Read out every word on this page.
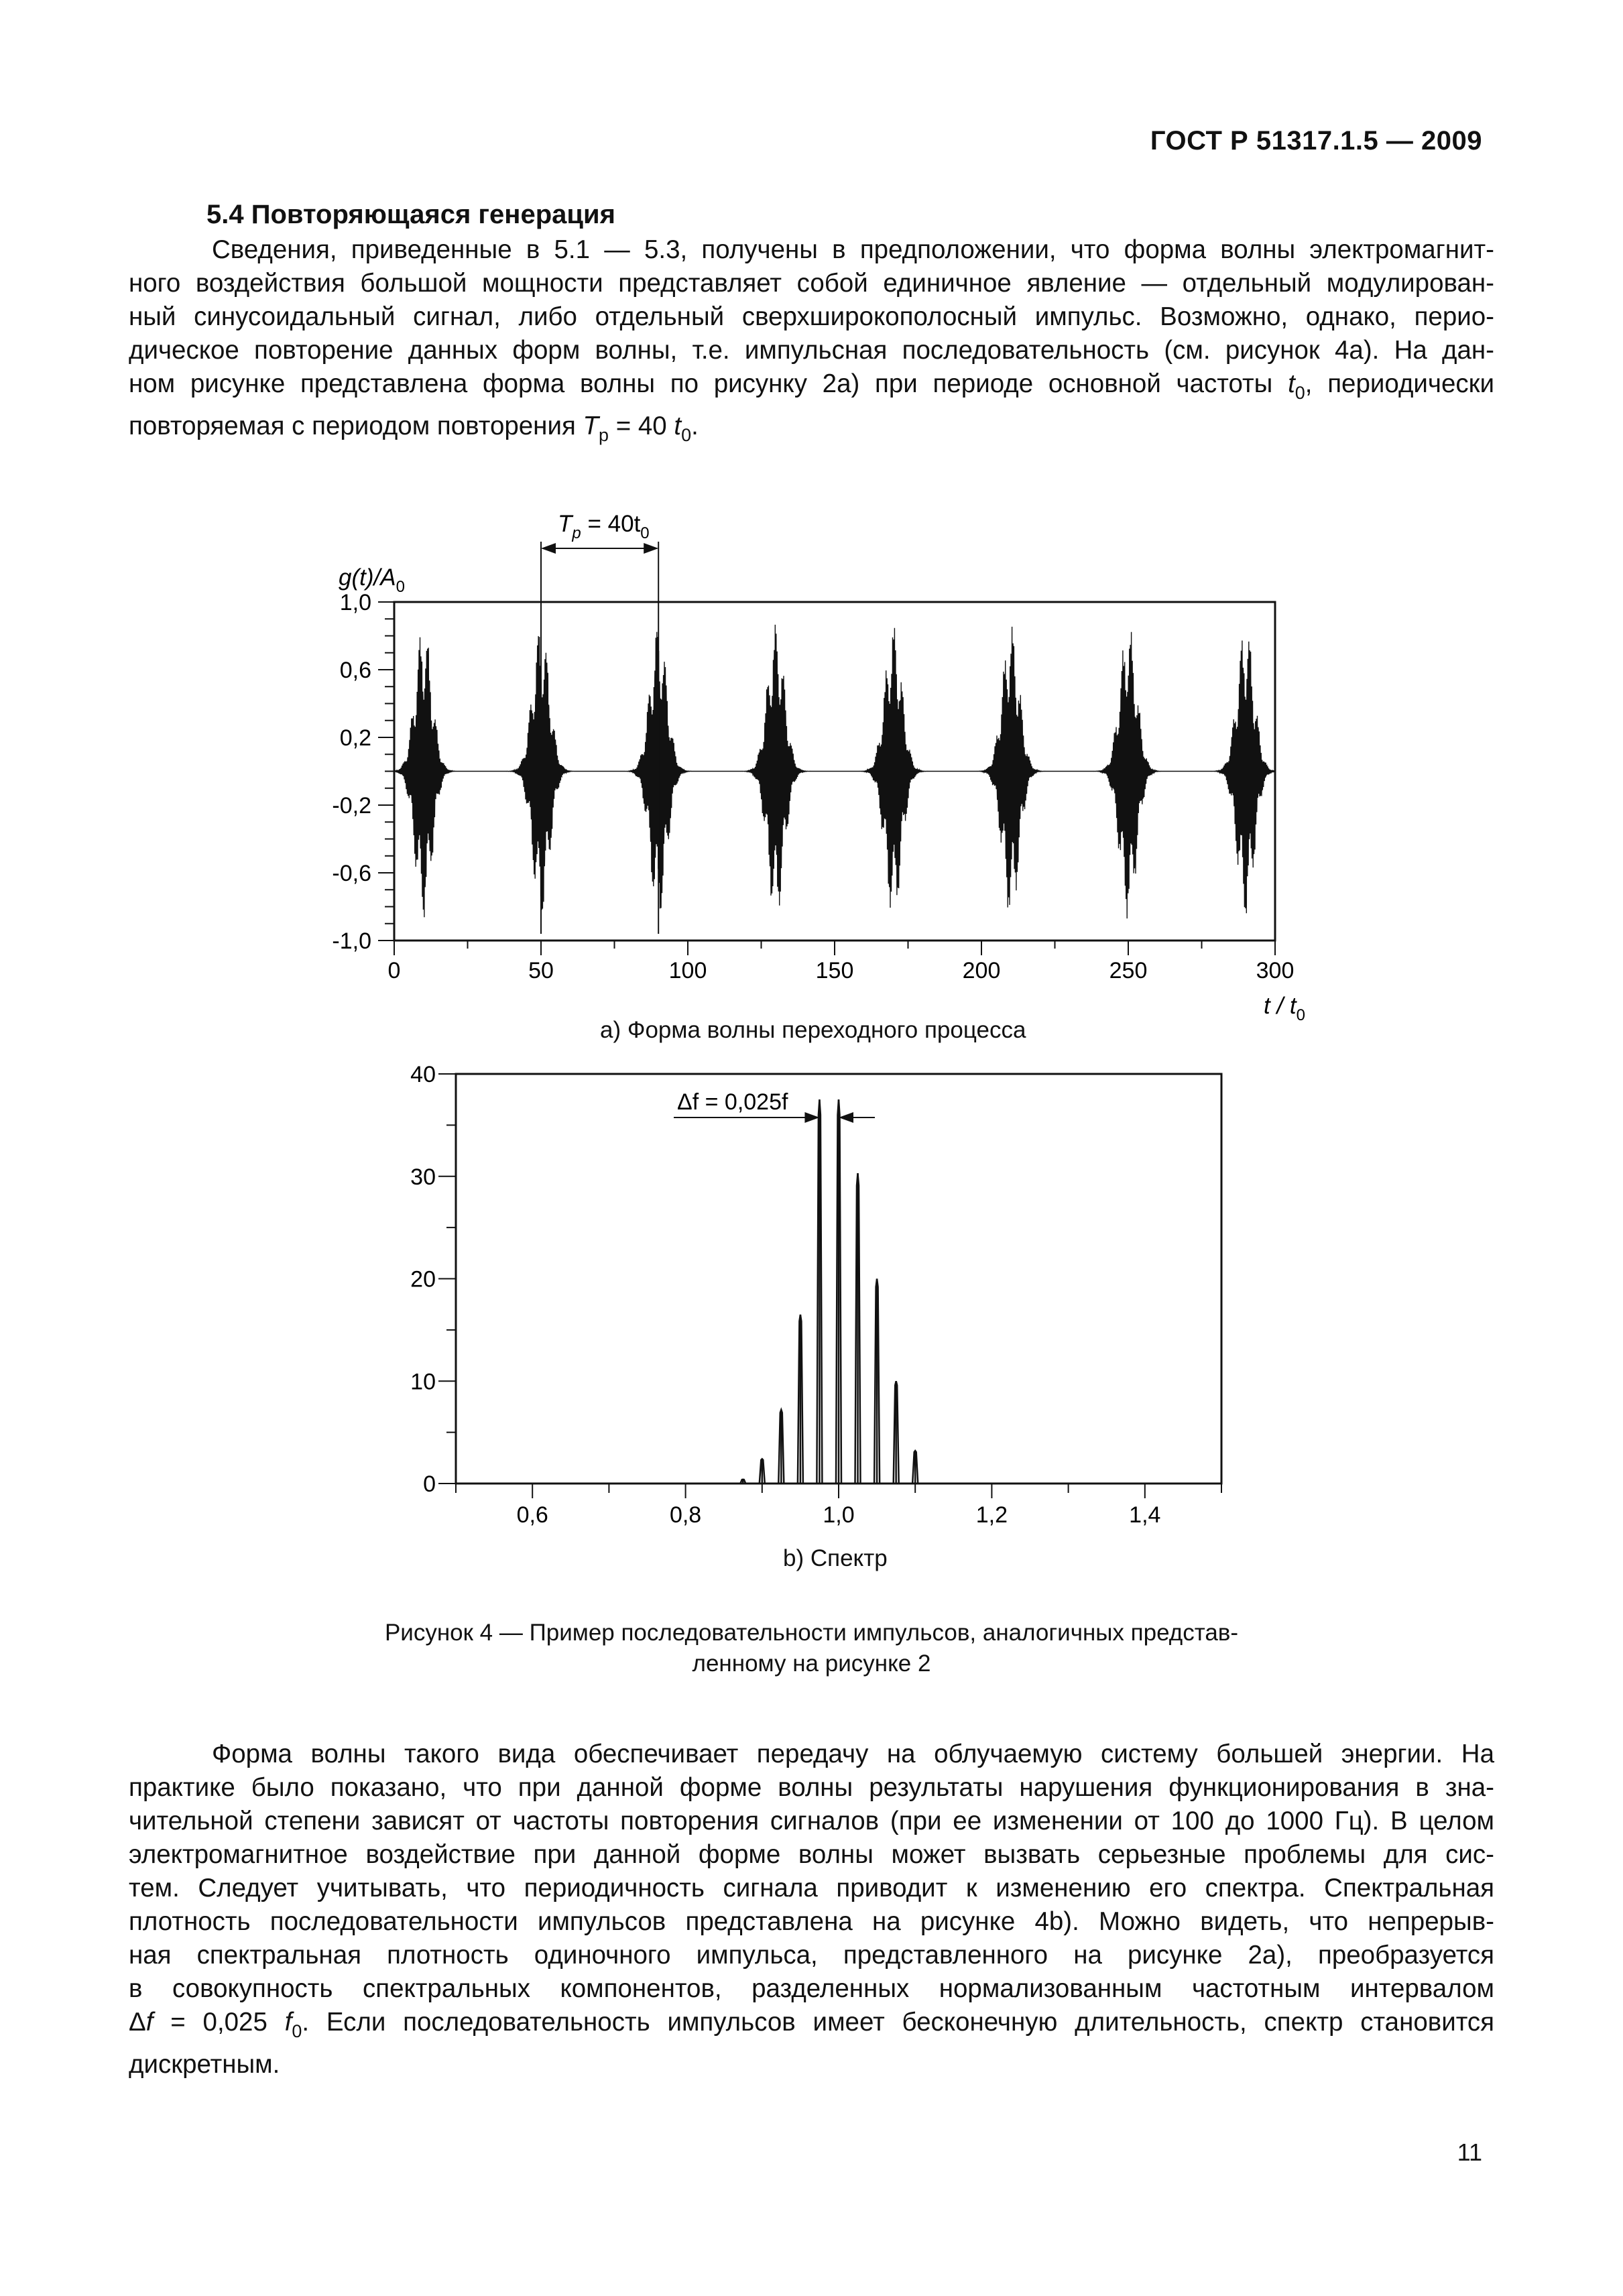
ГОСТ Р 51317.1.5 — 2009
5.4 Повторяющаяся генерация
Сведения, приведенные в 5.1 — 5.3, получены в предположении, что форма волны электромагнит-
ного воздействия большой мощности представляет собой единичное явление — отдельный модулирован-
ный синусоидальный сигнал, либо отдельный сверхширокополосный импульс. Возможно, однако, перио-
дическое повторение данных форм волны, т.е. импульсная последовательность (см. рисунок 4а). На дан-
ном рисунке представлена форма волны по рисунку 2а) при периоде основной частоты $t_0$, периодически
повторяемая с периодом повторения $T_p = 40$ $t_0$.
1,0
0,6
0,2
-0,2
-0,6
-1,0
0	50	100	150	200	250	300
$g(t)/A_0$
t / $t_0$
$T_p = 40t_0$
а) Форма волны переходного процесса
0
10
20
30
40
0,6	0,8	1,0	1,2	1,4
Δf = 0,025f
b) Спектр
Рисунок 4 — Пример последовательности импульсов, аналогичных представ-
ленному на рисунке 2
Форма волны такого вида обеспечивает передачу на облучаемую систему большей энергии. На
практике было показано, что при данной форме волны результаты нарушения функционирования в зна-
чительной степени зависят от частоты повторения сигналов (при ее изменении от 100 до 1000 Гц). В целом
электромагнитное воздействие при данной форме волны может вызвать серьезные проблемы для сис-
тем. Следует учитывать, что периодичность сигнала приводит к изменению его спектра. Спектральная
плотность последовательности импульсов представлена на рисунке 4b). Можно видеть, что непрерыв-
ная спектральная плотность одиночного импульса, представленного на рисунке 2а), преобразуется
в совокупность спектральных компонентов, разделенных нормализованным частотным интервалом
Δf = 0,025 $f_0$. Если последовательность импульсов имеет бесконечную длительность, спектр становится
дискретным.
11
